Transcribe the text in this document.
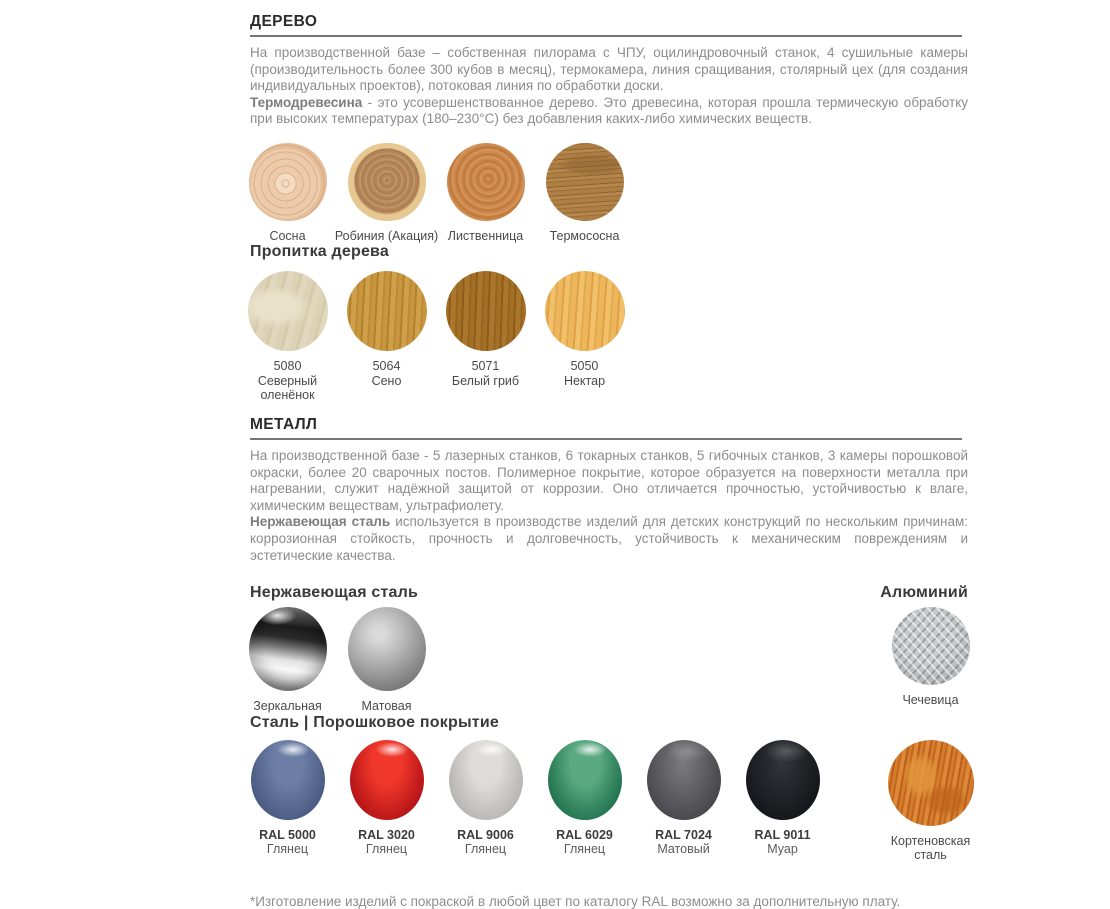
ДЕРЕВО

На производственной базе – собственная пилорама с ЧПУ, оцилиндровочный станок, 4 сушильные камеры (производительность более 300 кубов в месяц), термокамера, линия сращивания, столярный цех (для создания индивидуальных проектов), потоковая линия по обработки доски.

Термодревесина - это усовершенствованное дерево. Это древесина, которая прошла термическую обработку при высоких температурах (180–230°C) без добавления каких-либо химических веществ.

Сосна Робиния (Акация) Лиственница Термососна
Пропитка дерева
5080
Северный оленёнок
5064
Сено
5071
Белый гриб
5050
Нектар
МЕТАЛЛ

На производственной базе - 5 лазерных станков, 6 токарных станков, 5 гибочных станков, 3 камеры порошковой окраски, более 20 сварочных постов. Полимерное покрытие, которое образуется на поверхности металла при нагревании, служит надёжной защитой от коррозии. Оно отличается прочностью, устойчивостью к влаге, химическим веществам, ультрафиолету.

Нержавеющая сталь используется в производстве изделий для детских конструкций по нескольким причинам: коррозионная стойкость, прочность и долговечность, устойчивость к механическим повреждениям и эстетические качества.

Нержавеющая сталь	Алюминий
Зеркальная	Матовая	Чечевица
Сталь | Порошковое покрытие
RAL 5000
Глянец
RAL 3020
Глянец
RAL 9006
Глянец
RAL 6029
Глянец
RAL 7024
Матовый
RAL 9011
Муар
Кортеновская сталь

*Изготовление изделий с покраской в любой цвет по каталогу RAL возможно за дополнительную плату.
